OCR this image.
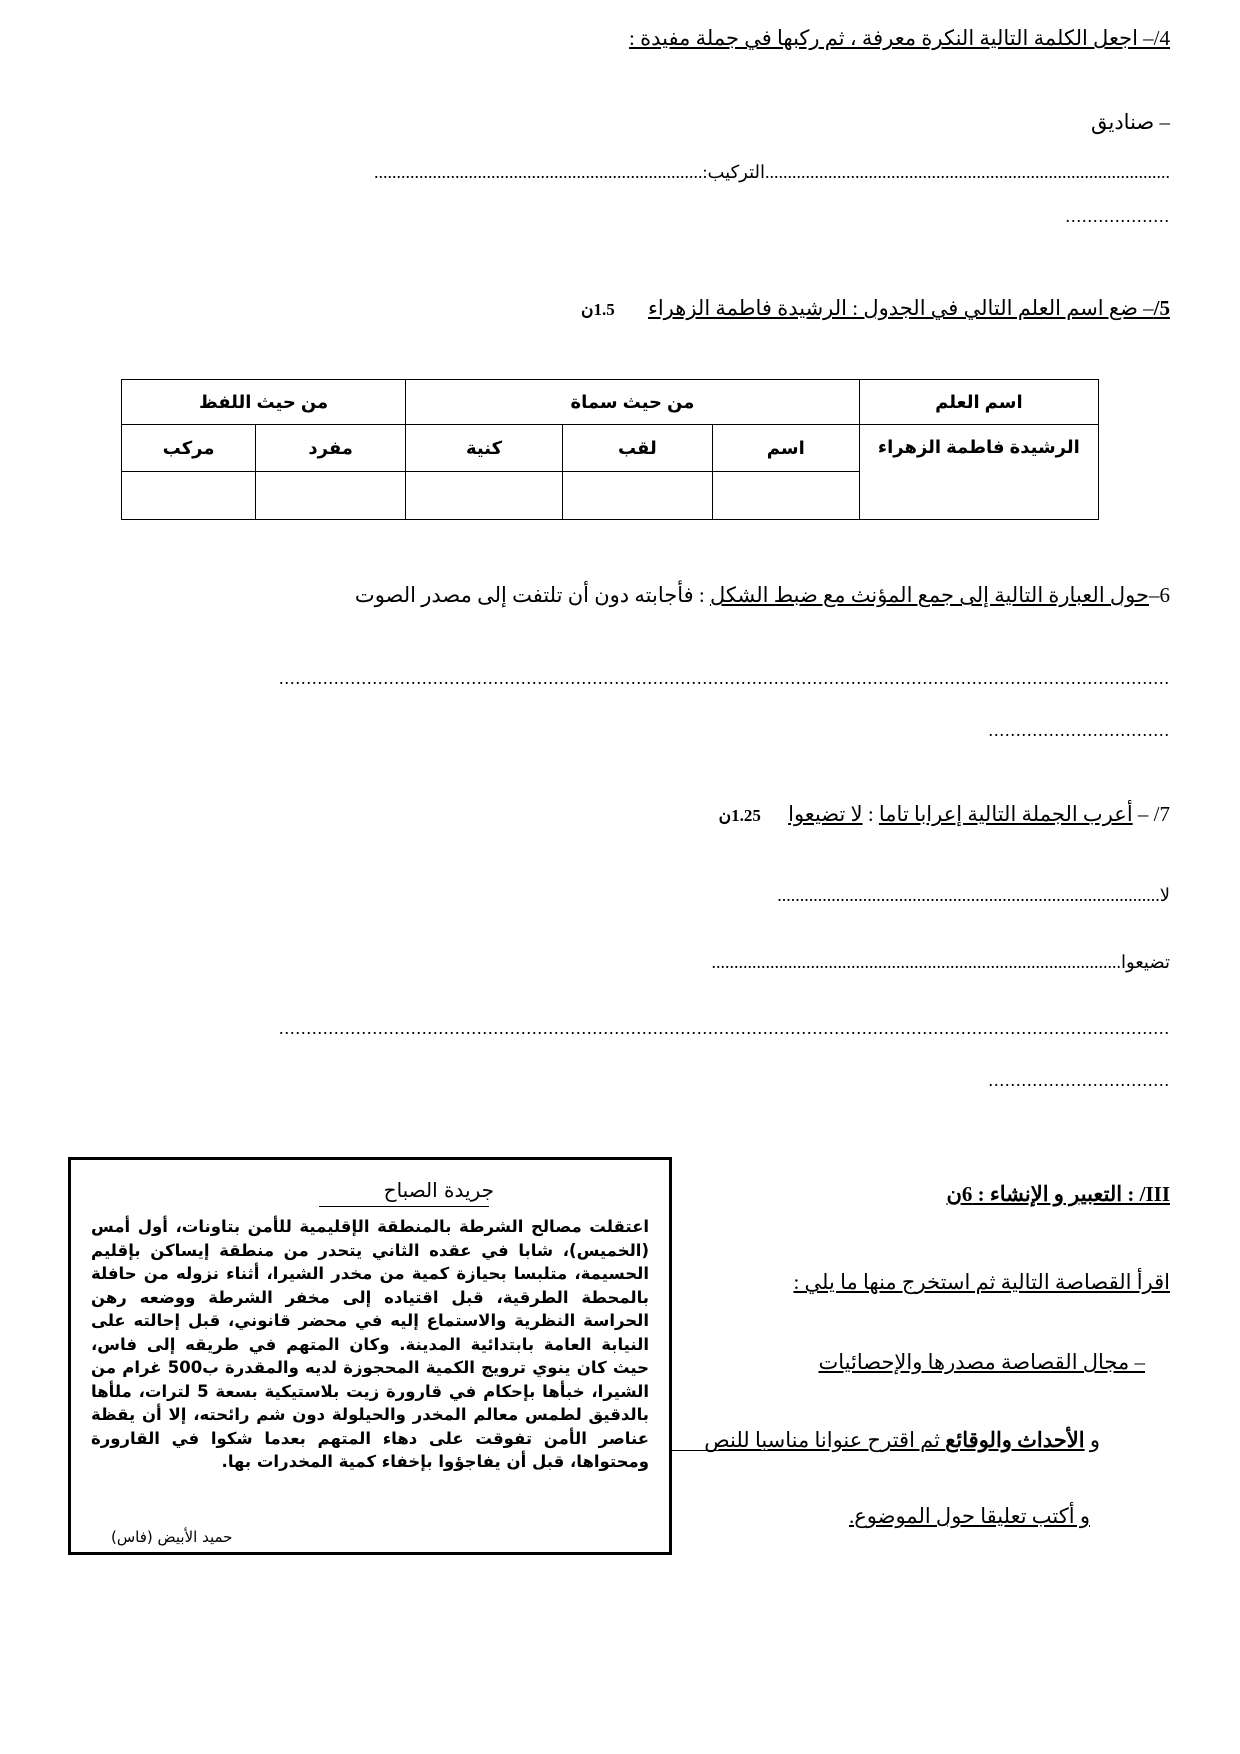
4/– اجعل الكلمة التالية النكرة معرفة ، ثم ركبها في جملة مفيدة :
– صناديق
..........................................................................................التركيب:.........................................................................
...................
5/– ضع اسم العلم التالي في الجدول : الرشيدة فاطمة الزهراء 1.5ن
اسم العلم	من حيث سماة			من حيث اللفظ	
الرشيدة فاطمة الزهراء	اسم	لقب	كنية	مفرد	مركب

6–حول العبارة التالية إلى جمع المؤنث مع ضبط الشكل : فأجابته دون أن تلتفت إلى مصدر الصوت
..................................................................................................................................................................
.................................
7/ – أعرب الجملة التالية إعرابا تاما : لا تضيعوا 1.25ن
لا.....................................................................................
تضيعوا...........................................................................................
..................................................................................................................................................................
.................................
III/ : التعبير و الإنشاء : 6ن
اقرأ القصاصة التالية ثم استخرج منها ما يلي :
– مجال القصاصة مصدرها والإحصائيات
و الأحداث والوقائع ثم اقترح عنوانا مناسبا للنص
و أكتب تعليقا حول الموضوع.
جريدة الصباح
اعتقلت مصالح الشرطة بالمنطقة الإقليمية للأمن بتاونات، أول أمس (الخميس)، شابا في عقده الثاني يتحدر من منطقة إيساكن بإقليم الحسيمة، متلبسا بحيازة كمية من مخدر الشيرا، أثناء نزوله من حافلة بالمحطة الطرقية، قبل اقتياده إلى مخفر الشرطة ووضعه رهن الحراسة النظرية والاستماع إليه في محضر قانوني، قبل إحالته على النيابة العامة بابتدائية المدينة. وكان المتهم في طريقه إلى فاس، حيث كان ينوي ترويج الكمية المحجوزة لديه والمقدرة ب500 غرام من الشيرا، خبأها بإحكام في قارورة زيت بلاستيكية بسعة 5 لترات، ملأها بالدقيق لطمس معالم المخدر والحيلولة دون شم رائحته، إلا أن يقظة عناصر الأمن تفوقت على دهاء المتهم بعدما شكوا في القارورة ومحتواها، قبل أن يفاجؤوا بإخفاء كمية المخدرات بها.
حميد الأبيض (فاس)
